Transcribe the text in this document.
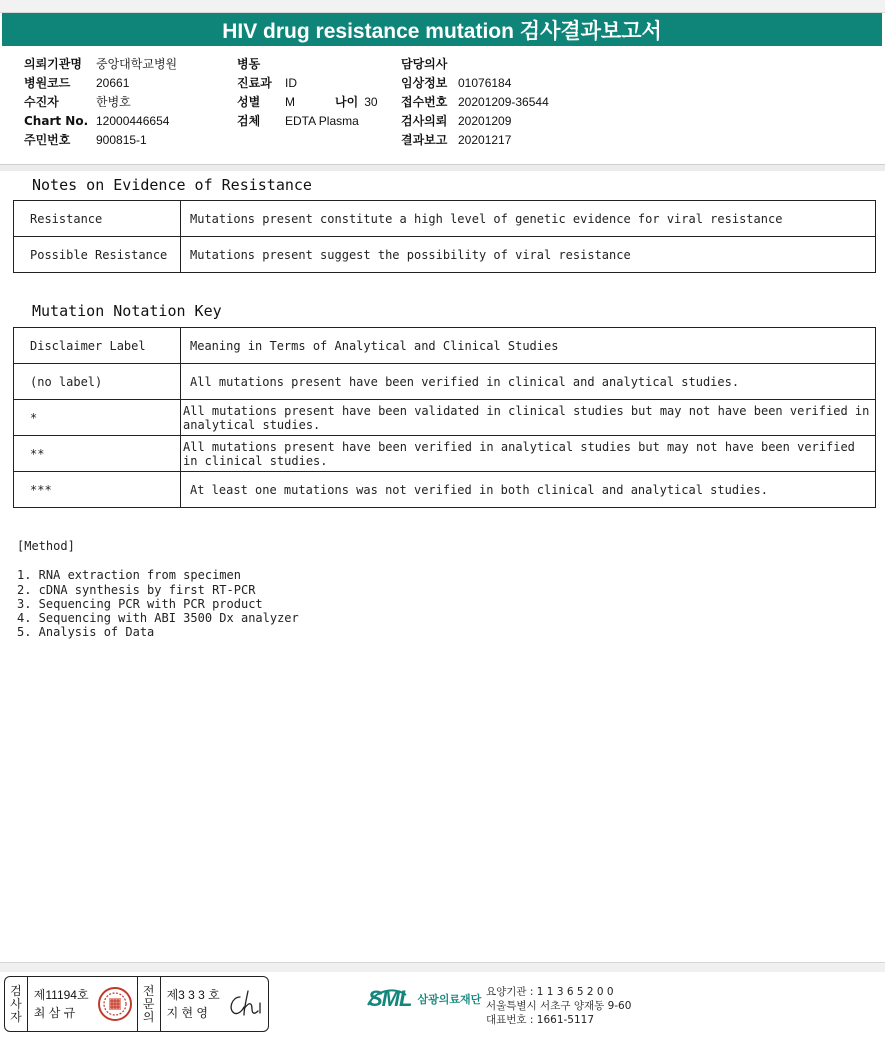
HIV drug resistance mutation 검사결과보고서
의뢰기관명	중앙대학교병원
병원코드	20661
수진자	한병호
Chart No. 12000446654
주민번호	900815-1
병동
진료과	ID
성별	M	나이 30
검체	EDTA Plasma
담당의사
임상정보 01076184
접수번호 20201209-36544
검사의뢰 20201209
결과보고 20201217
Notes on Evidence of Resistance
Resistance	Mutations present constitute a high level of genetic evidence for viral resistance
Possible Resistance	Mutations present suggest the possibility of viral resistance
Mutation Notation Key
Disclaimer Label	Meaning in Terms of Analytical and Clinical Studies
(no label)	All mutations present have been verified in clinical and analytical studies.
*	All mutations present have been validated in clinical studies but may not have been verified in analytical studies.
**	All mutations present have been verified in analytical studies but may not have been verified in clinical studies.
***	At least one mutations was not verified in both clinical and analytical studies.
[Method]
1. RNA extraction from specimen
2. cDNA synthesis by first RT-PCR
3. Sequencing PCR with PCR product
4. Sequencing with ABI 3500 Dx analyzer
5. Analysis of Data
검
사
자
제11194호
최 삼 규
전
문
의
제3 3 3 호
지 현 영
SML 삼광의료재단
요양기관 : 1 1 3 6 5 2 0 0
서울특별시 서초구 양재동 9-60
대표번호 : 1661-5117
